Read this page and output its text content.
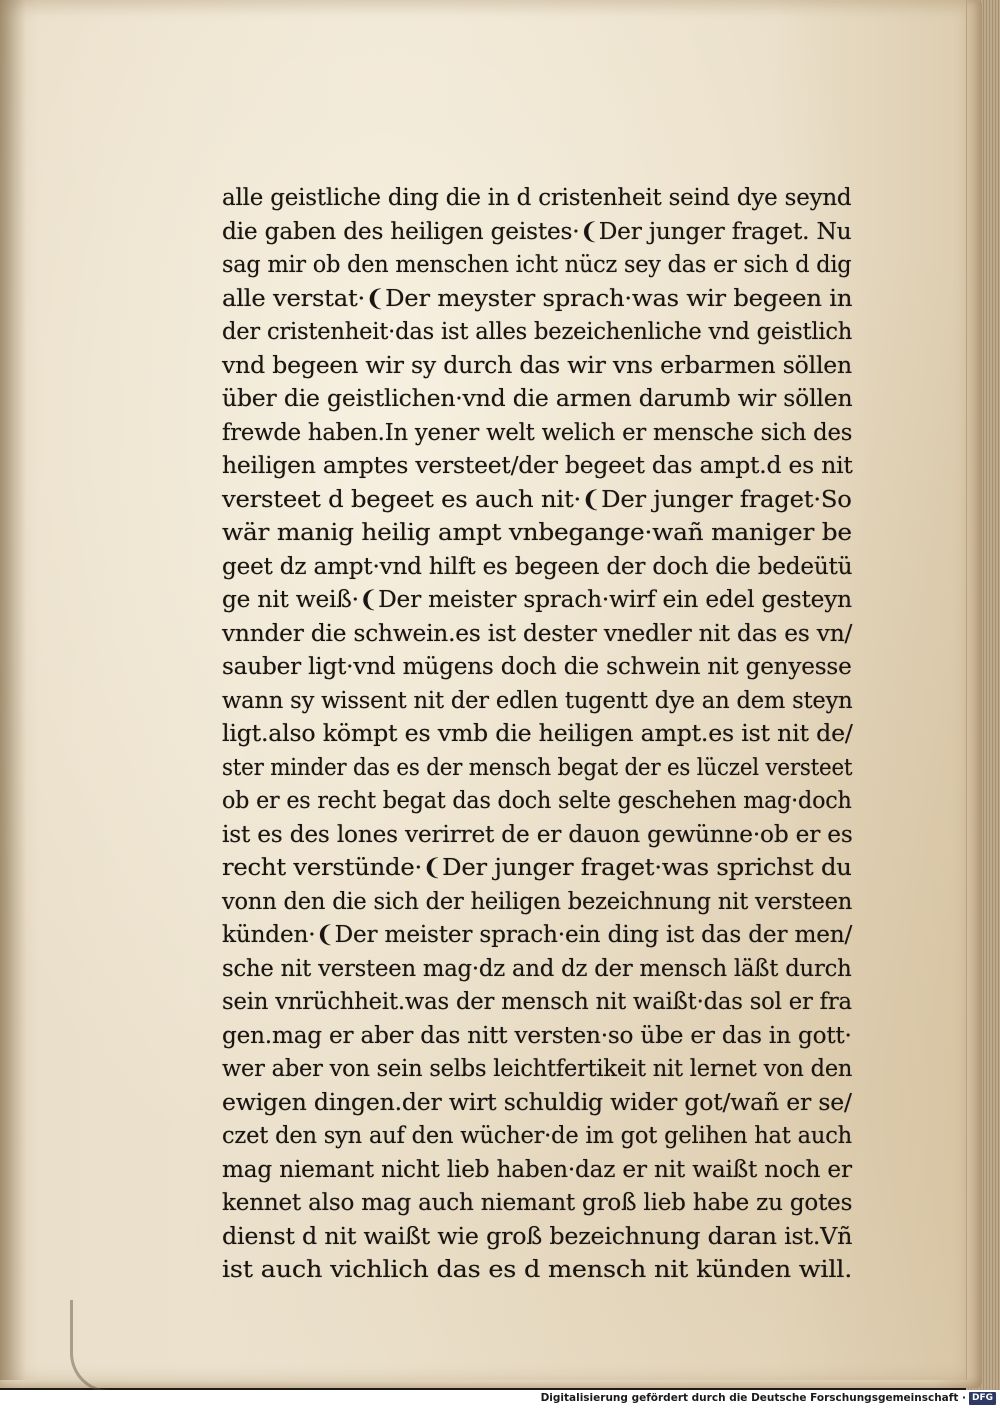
alle geistliche ding die in d cristenheit seind dye seynd
die gaben des heiligen geistes·❨Der junger fraget. Nu
sag mir ob den menschen icht nücz sey das er sich d dig
alle verstat·❨Der meyster sprach·was wir begeen in
der cristenheit·das ist alles bezeichenliche vnd geistlich
vnd begeen wir sy durch das wir vns erbarmen söllen
über die geistlichen·vnd die armen darumb wir söllen
frewde haben.In yener welt welich er mensche sich des
heiligen amptes versteet/der begeet das ampt.d es nit
versteet d begeet es auch nit·❨Der junger fraget·So
wär manig heilig ampt vnbegange·wañ maniger be
geet dz ampt·vnd hilft es begeen der doch die bedeütü
ge nit weiß·❨Der meister sprach·wirf ein edel gesteyn
vnnder die schwein.es ist dester vnedler nit das es vn/
sauber ligt·vnd mügens doch die schwein nit genyesse
wann sy wissent nit der edlen tugentt dye an dem steyn
ligt.also kömpt es vmb die heiligen ampt.es ist nit de/
ster minder das es der mensch begat der es lüczel versteet
ob er es recht begat das doch selte geschehen mag·doch
ist es des lones verirret de er dauon gewünne·ob er es
recht verstünde·❨Der junger fraget·was sprichst du
vonn den die sich der heiligen bezeichnung nit versteen
künden·❨Der meister sprach·ein ding ist das der men/
sche nit versteen mag·dz and dz der mensch läßt durch
sein vnrüchheit.was der mensch nit waißt·das sol er fra
gen.mag er aber das nitt versten·so übe er das in gott·
wer aber von sein selbs leichtfertikeit nit lernet von den
ewigen dingen.der wirt schuldig wider got/wañ er se/
czet den syn auf den wücher·de im got gelihen hat auch
mag niemant nicht lieb haben·daz er nit waißt noch er
kennet also mag auch niemant groß lieb habe zu gotes
dienst d nit waißt wie groß bezeichnung daran ist.Vñ
ist auch vichlich das es d mensch nit künden will.
Digitalisierung gefördert durch die Deutsche Forschungsgemeinschaft · DFG
